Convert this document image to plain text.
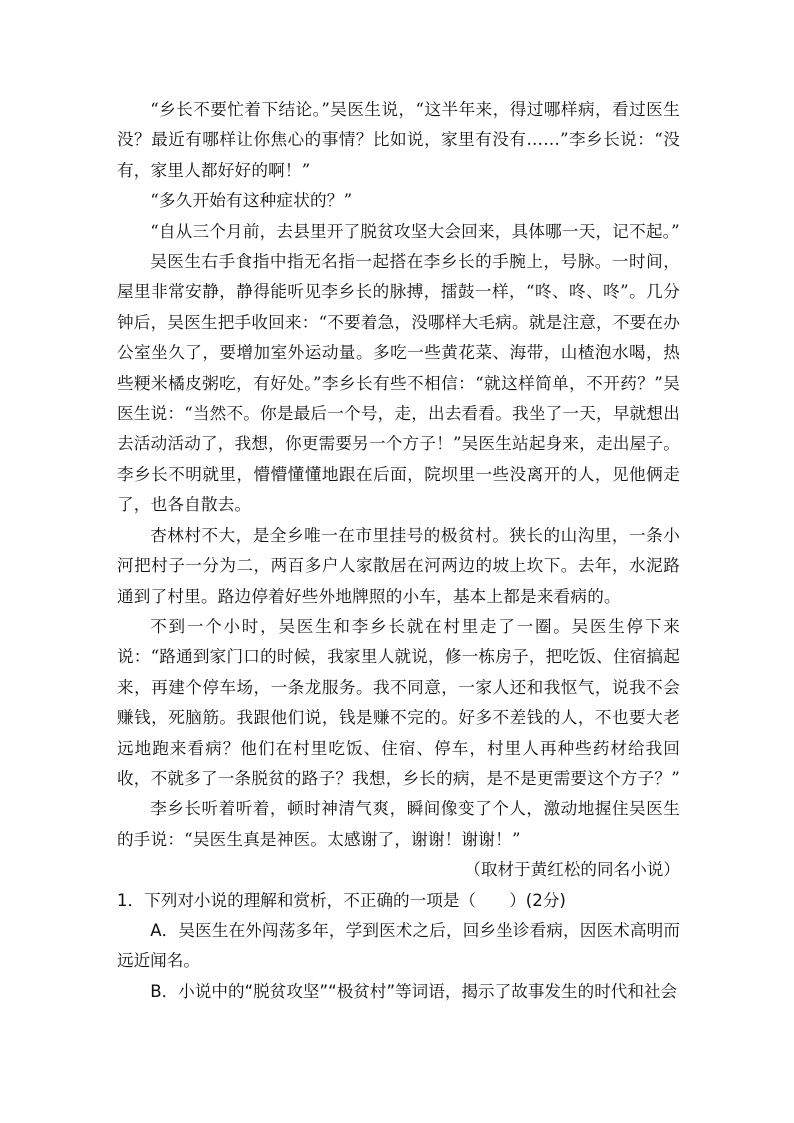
“乡长不要忙着下结论。”吴医生说，“这半年来，得过哪样病，看过医生没？最近有哪样让你焦心的事情？比如说，家里有没有……”李乡长说：“没有，家里人都好好的啊！”

“多久开始有这种症状的？”

“自从三个月前，去县里开了脱贫攻坚大会回来，具体哪一天，记不起。”

吴医生右手食指中指无名指一起搭在李乡长的手腕上，号脉。一时间，屋里非常安静，静得能听见李乡长的脉搏，擂鼓一样，“咚、咚、咚”。几分钟后，吴医生把手收回来：“不要着急，没哪样大毛病。就是注意，不要在办公室坐久了，要增加室外运动量。多吃一些黄花菜、海带，山楂泡水喝，热些粳米橘皮粥吃，有好处。”李乡长有些不相信：“就这样简单，不开药？”吴医生说：“当然不。你是最后一个号，走，出去看看。我坐了一天，早就想出去活动活动了，我想，你更需要另一个方子！”吴医生站起身来，走出屋子。李乡长不明就里，懵懵懂懂地跟在后面，院坝里一些没离开的人，见他俩走了，也各自散去。

杏林村不大，是全乡唯一在市里挂号的极贫村。狭长的山沟里，一条小河把村子一分为二，两百多户人家散居在河两边的坡上坎下。去年，水泥路通到了村里。路边停着好些外地牌照的小车，基本上都是来看病的。

不到一个小时，吴医生和李乡长就在村里走了一圈。吴医生停下来说：“路通到家门口的时候，我家里人就说，修一栋房子，把吃饭、住宿搞起来，再建个停车场，一条龙服务。我不同意，一家人还和我怄气，说我不会赚钱，死脑筋。我跟他们说，钱是赚不完的。好多不差钱的人，不也要大老远地跑来看病？他们在村里吃饭、住宿、停车，村里人再种些药材给我回收，不就多了一条脱贫的路子？我想，乡长的病，是不是更需要这个方子？”

李乡长听着听着，顿时神清气爽，瞬间像变了个人，激动地握住吴医生的手说：“吴医生真是神医。太感谢了，谢谢！谢谢！”

（取材于黄红松的同名小说）

1．下列对小说的理解和赏析，不正确的一项是（　　）(2分)

A．吴医生在外闯荡多年，学到医术之后，回乡坐诊看病，因医术高明而远近闻名。

B．小说中的“脱贫攻坚”“极贫村”等词语，揭示了故事发生的时代和社会
